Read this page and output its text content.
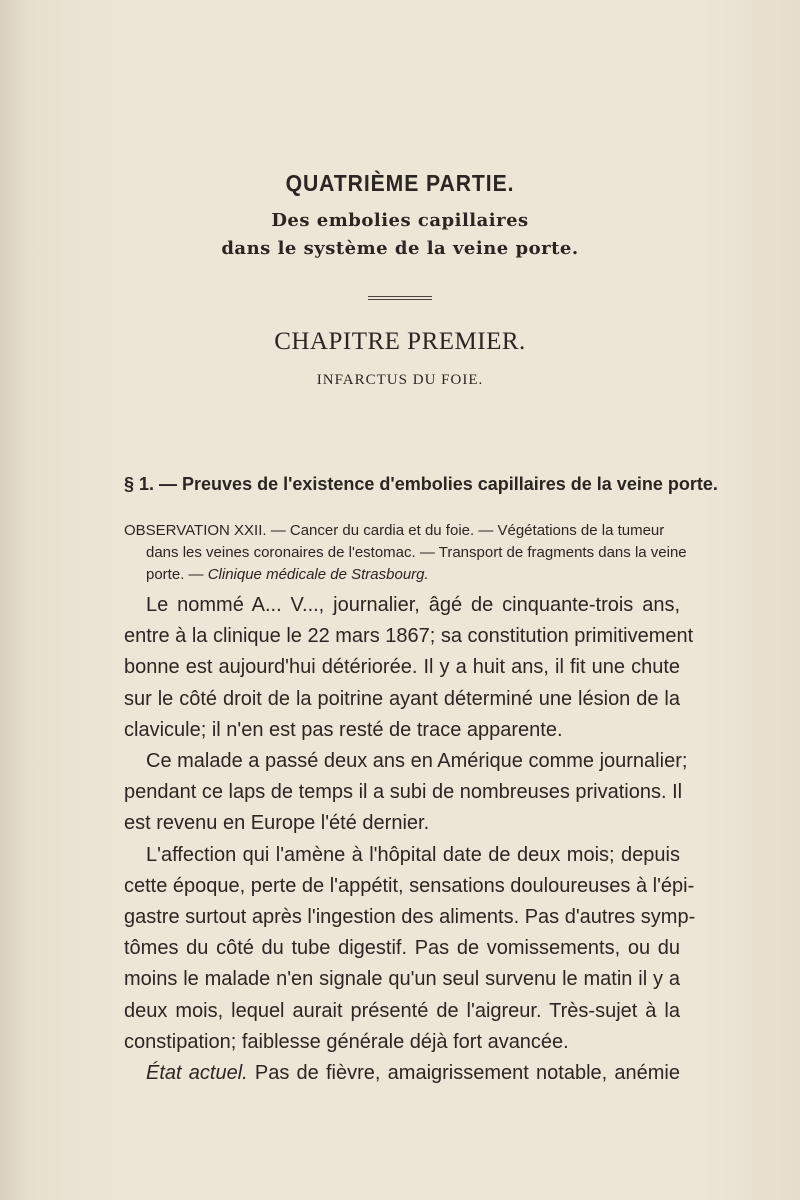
QUATRIÈME PARTIE.
Des embolies capillaires
dans le système de la veine porte.
CHAPITRE PREMIER.
INFARCTUS DU FOIE.
§ 1. — Preuves de l'existence d'embolies capillaires de la veine porte.
OBSERVATION XXII. — Cancer du cardia et du foie. — Végétations de la tumeur
dans les veines coronaires de l'estomac. — Transport de fragments dans la veine
porte. — Clinique médicale de Strasbourg.
Le nommé A... V..., journalier, âgé de cinquante-trois ans,
entre à la clinique le 22 mars 1867; sa constitution primitivement
bonne est aujourd'hui détériorée. Il y a huit ans, il fit une chute
sur le côté droit de la poitrine ayant déterminé une lésion de la
clavicule; il n'en est pas resté de trace apparente.
Ce malade a passé deux ans en Amérique comme journalier;
pendant ce laps de temps il a subi de nombreuses privations. Il
est revenu en Europe l'été dernier.
L'affection qui l'amène à l'hôpital date de deux mois; depuis
cette époque, perte de l'appétit, sensations douloureuses à l'épi-
gastre surtout après l'ingestion des aliments. Pas d'autres symp-
tômes du côté du tube digestif. Pas de vomissements, ou du
moins le malade n'en signale qu'un seul survenu le matin il y a
deux mois, lequel aurait présenté de l'aigreur. Très-sujet à la
constipation; faiblesse générale déjà fort avancée.
État actuel. Pas de fièvre, amaigrissement notable, anémie
